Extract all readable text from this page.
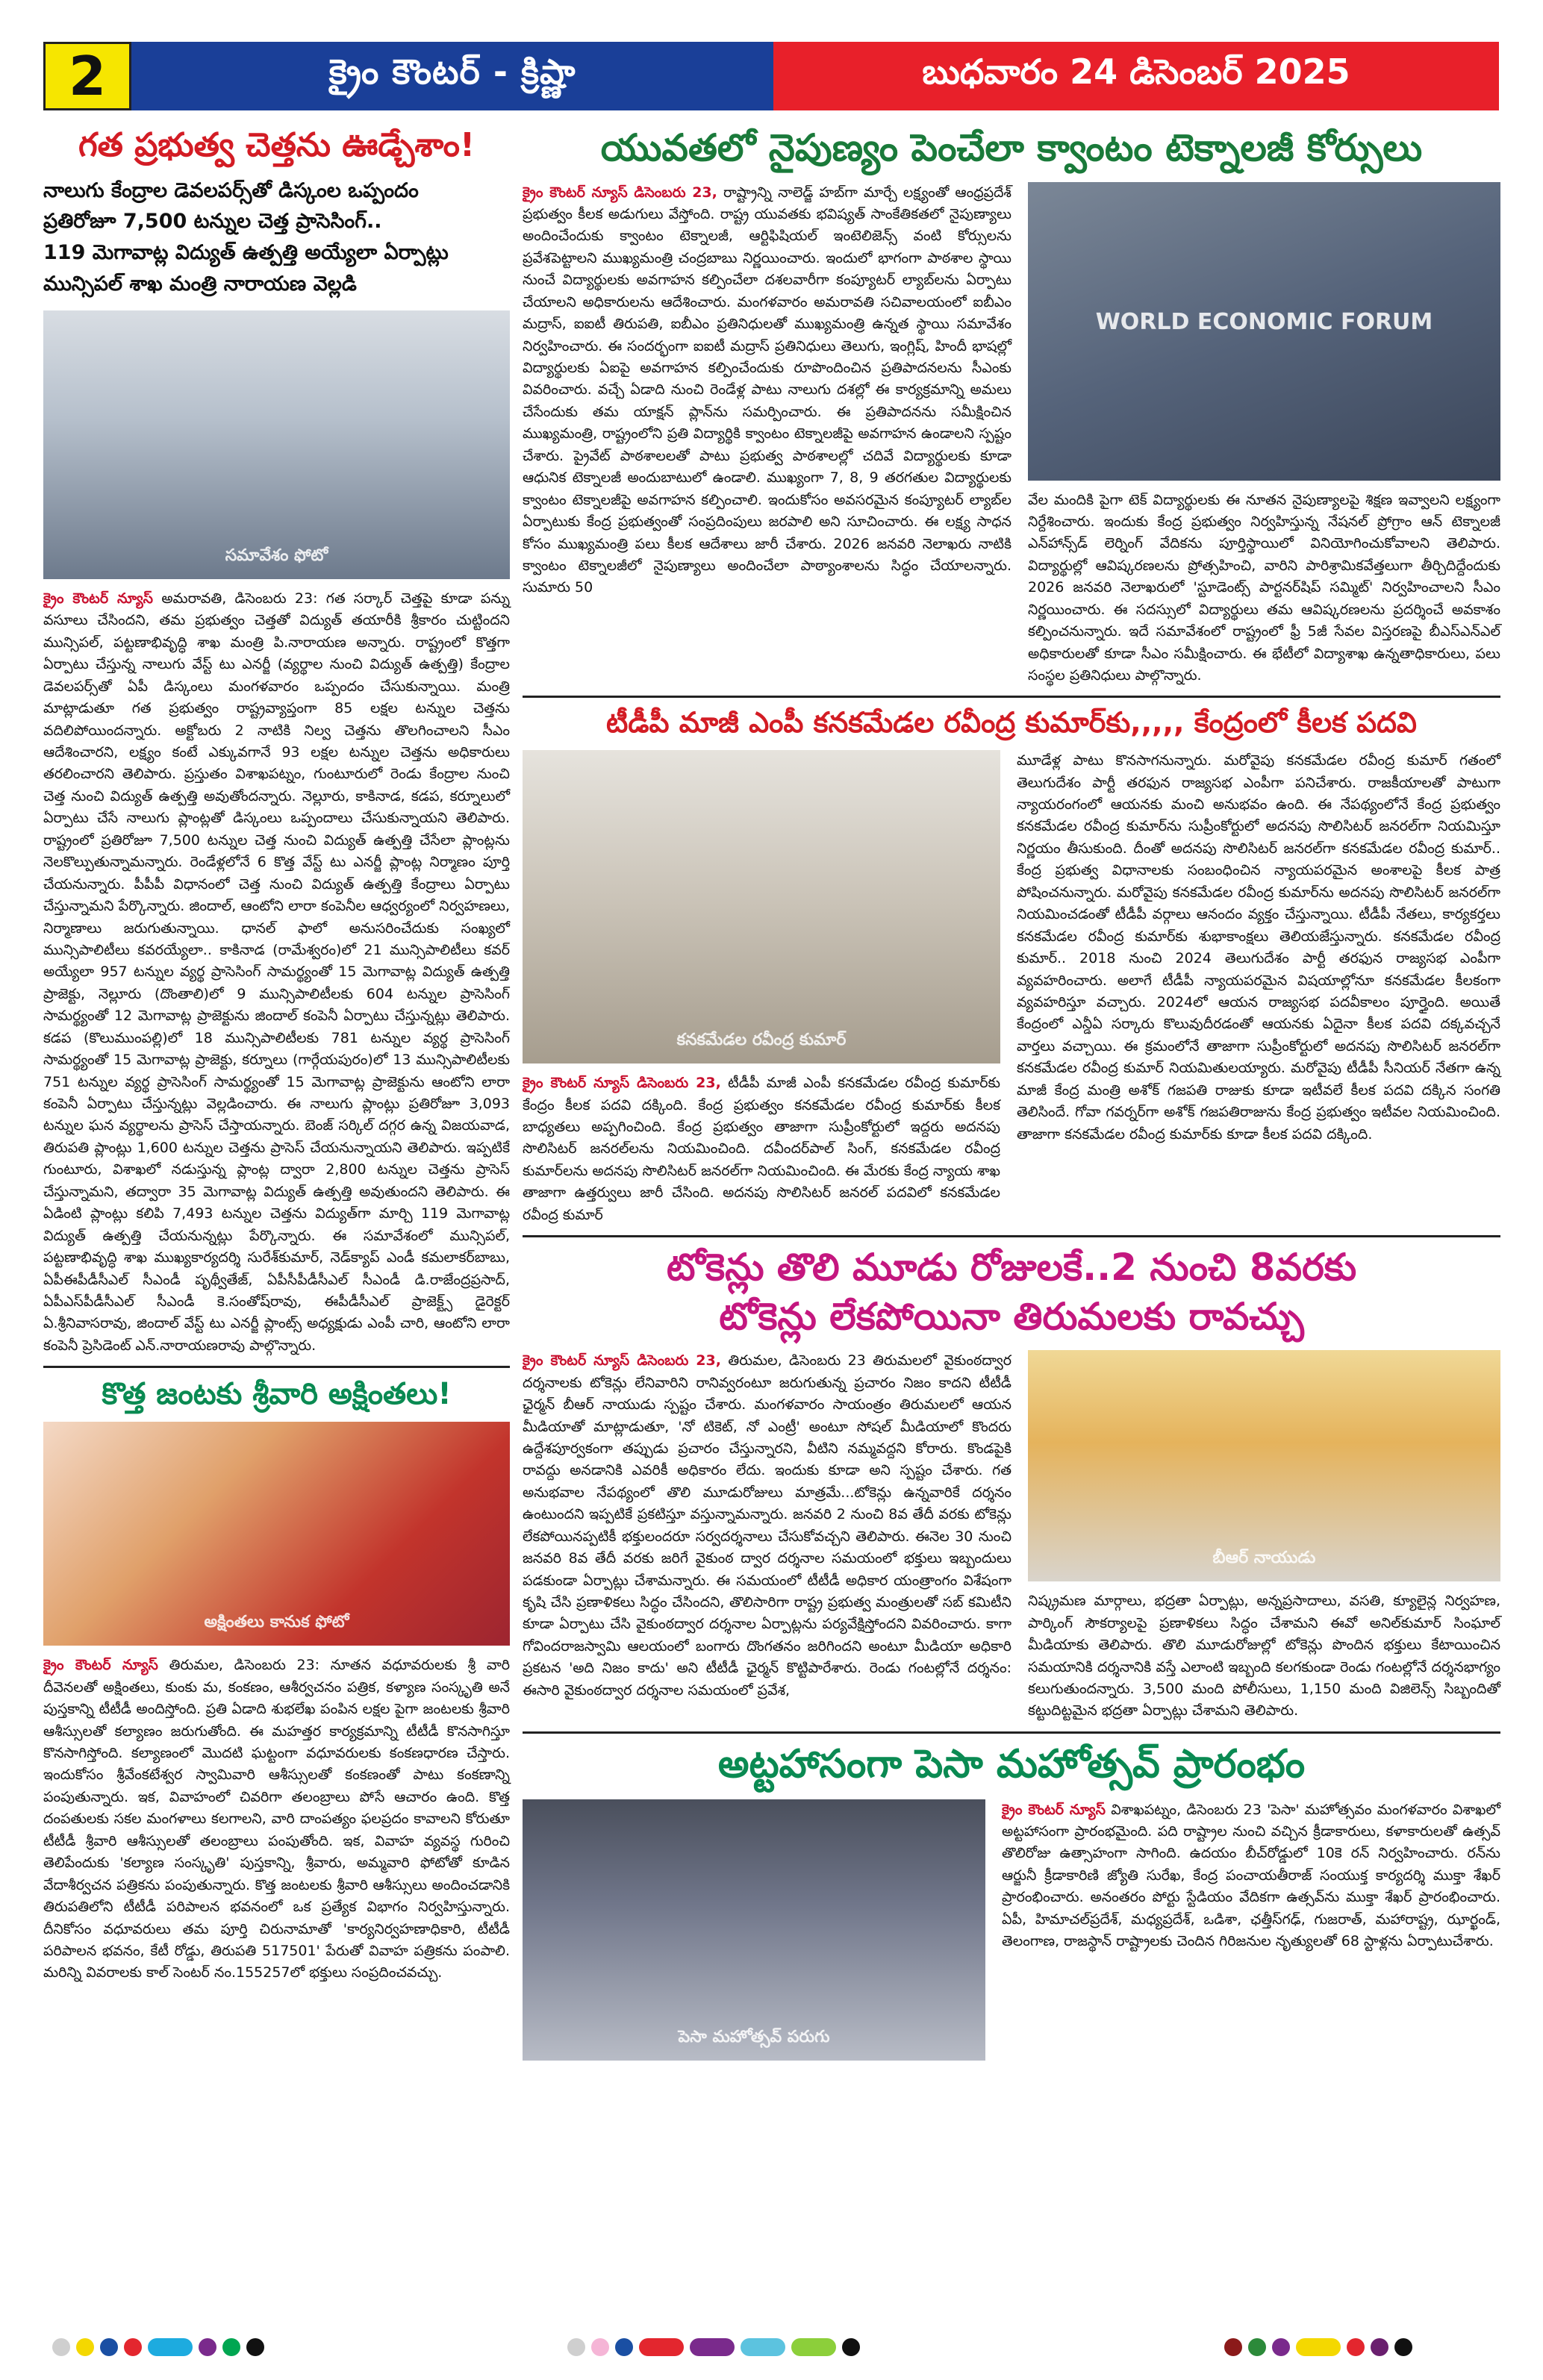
2	క్రైం కౌంటర్ - క్రిష్ణా	బుధవారం 24 డిసెంబర్ 2025
గత ప్రభుత్వ చెత్తను ఊడ్చేశాం!
నాలుగు కేంద్రాల డెవలపర్స్‌తో డిస్కంల ఒప్పందం
ప్రతిరోజూ 7,500 టన్నుల చెత్త ప్రాసెసింగ్..
119 మెగావాట్ల విద్యుత్ ఉత్పత్తి అయ్యేలా ఏర్పాట్లు
మున్సిపల్ శాఖ మంత్రి నారాయణ వెల్లడి
సమావేశం ఫోటో
క్రైం కౌంటర్ న్యూస్ అమరావతి, డిసెంబరు 23: గత సర్కార్ చెత్తపై కూడా పన్ను వసూలు చేసిందని, తమ ప్రభుత్వం చెత్తతో విద్యుత్ తయారీకి శ్రీకారం చుట్టిందని మున్సిపల్, పట్టణాభివృద్ధి శాఖ మంత్రి పి.నారాయణ అన్నారు. రాష్ట్రంలో కొత్తగా ఏర్పాటు చేస్తున్న నాలుగు వేస్ట్ టు ఎనర్జీ (వ్యర్థాల నుంచి విద్యుత్ ఉత్పత్తి) కేంద్రాల డెవలపర్స్‌తో ఏపీ డిస్కంలు మంగళవారం ఒప్పందం చేసుకున్నాయి. మంత్రి మాట్లాడుతూ గత ప్రభుత్వం రాష్ట్రవ్యాప్తంగా 85 లక్షల టన్నుల చెత్తను వదిలిపోయిందన్నారు. అక్టోబరు 2 నాటికి నిల్వ చెత్తను తొలగించాలని సీఎం ఆదేశించారని, లక్ష్యం కంటే ఎక్కువగానే 93 లక్షల టన్నుల చెత్తను అధికారులు తరలించారని తెలిపారు. ప్రస్తుతం విశాఖపట్నం, గుంటూరులో రెండు కేంద్రాల నుంచి చెత్త నుంచి విద్యుత్ ఉత్పత్తి అవుతోందన్నారు. నెల్లూరు, కాకినాడ, కడప, కర్నూలులో ఏర్పాటు చేసే నాలుగు ప్లాంట్లతో డిస్కంలు ఒప్పందాలు చేసుకున్నాయని తెలిపారు. రాష్ట్రంలో ప్రతిరోజూ 7,500 టన్నుల చెత్త నుంచి విద్యుత్ ఉత్పత్తి చేసేలా ప్లాంట్లను నెలకొల్పుతున్నామన్నారు. రెండేళ్లలోనే 6 కొత్త వేస్ట్ టు ఎనర్జీ ప్లాంట్ల నిర్మాణం పూర్తి చేయనున్నారు. పీపీపీ విధానంలో చెత్త నుంచి విద్యుత్ ఉత్పత్తి కేంద్రాలు ఏర్పాటు చేస్తున్నామని పేర్కొన్నారు. జిందాల్, ఆంటోని లారా కంపెనీల ఆధ్వర్యంలో నిర్వహణలు, నిర్మాణాలు జరుగుతున్నాయి. ధానల్ ఫాలో అనుసరించేదుకు సంఖ్యలో మున్సిపాలిటీలు కవరయ్యేలా.. కాకినాడ (రామేశ్వరం)లో 21 మున్సిపాలిటీలు కవర్ అయ్యేలా 957 టన్నుల వ్యర్థ ప్రాసెసింగ్ సామర్థ్యంతో 15 మెగావాట్ల విద్యుత్ ఉత్పత్తి ప్రాజెక్టు, నెల్లూరు (దొంతాలి)లో 9 మున్సిపాలిటీలకు 604 టన్నుల ప్రాసెసింగ్ సామర్థ్యంతో 12 మెగావాట్ల ప్రాజెక్టును జిందాల్ కంపెనీ ఏర్పాటు చేస్తున్నట్లు తెలిపారు. కడప (కొలుముంపల్లి)లో 18 మున్సిపాలిటీలకు 781 టన్నుల వ్యర్థ ప్రాసెసింగ్ సామర్థ్యంతో 15 మెగావాట్ల ప్రాజెక్టు, కర్నూలు (గార్గేయపురం)లో 13 మున్సిపాలిటీలకు 751 టన్నుల వ్యర్థ ప్రాసెసింగ్ సామర్థ్యంతో 15 మెగావాట్ల ప్రాజెక్టును ఆంటోని లారా కంపెనీ ఏర్పాటు చేస్తున్నట్లు వెల్లడించారు. ఈ నాలుగు ప్లాంట్లు ప్రతిరోజూ 3,093 టన్నుల ఘన వ్యర్థాలను ప్రాసెస్ చేస్తాయన్నారు. బెంజ్ సర్కిల్ దగ్గర ఉన్న విజయవాడ, తిరుపతి ప్లాంట్లు 1,600 టన్నుల చెత్తను ప్రాసెస్ చేయనున్నాయని తెలిపారు. ఇప్పటికే గుంటూరు, విశాఖలో నడుస్తున్న ప్లాంట్ల ద్వారా 2,800 టన్నుల చెత్తను ప్రాసెస్ చేస్తున్నామని, తద్వారా 35 మెగావాట్ల విద్యుత్ ఉత్పత్తి అవుతుందని తెలిపారు. ఈ ఏడింటి ప్లాంట్లు కలిపి 7,493 టన్నుల చెత్తను విద్యుత్‌గా మార్చి 119 మెగావాట్ల విద్యుత్ ఉత్పత్తి చేయనున్నట్లు పేర్కొన్నారు. ఈ సమావేశంలో మున్సిపల్, పట్టణాభివృద్ధి శాఖ ముఖ్యకార్యదర్శి సురేశ్‌కుమార్, నెడ్‌క్యాప్ ఎండీ కమలాకర్‌బాబు, ఏపీఈపీడీసీఎల్ సీఎండీ పృథ్వీతేజ్, ఏపీసీపీడీసీఎల్ సీఎండీ డి.రాజేంద్రప్రసాద్, ఏపీఎస్‌పీడీసీఎల్ సీఎండీ కె.సంతోష్‌రావు, ఈపీడీసీఎల్ ప్రాజెక్ట్స్ డైరెక్టర్ ఏ.శ్రీనివాసరావు, జిందాల్ వేస్ట్ టు ఎనర్జీ ప్లాంట్స్ అధ్యక్షుడు ఎంపీ చారి, ఆంటోని లారా కంపెనీ ప్రెసిడెంట్ ఎన్.నారాయణరావు పాల్గొన్నారు.
కొత్త జంటకు శ్రీవారి అక్షింతలు!
అక్షింతలు కానుక ఫోటో
క్రైం కౌంటర్ న్యూస్ తిరుమల, డిసెంబరు 23: నూతన వధూవరులకు శ్రీ వారి దీవెనలతో అక్షింతలు, కుంకు మ, కంకణం, ఆశీర్వచనం పత్రిక, కళ్యాణ సంస్కృతి అనే పుస్తకాన్ని టీటీడీ అందిస్తోంది. ప్రతి ఏడాది శుభలేఖ పంపిన లక్షల పైగా జంటలకు శ్రీవారి ఆశీస్సులతో కల్యాణం జరుగుతోంది. ఈ మహత్తర కార్యక్రమాన్ని టీటీడీ కొనసాగిస్తూ కొనసాగిస్తోంది. కల్యాణంలో మొదటి ఘట్టంగా వధూవరులకు కంకణధారణ చేస్తారు. ఇందుకోసం శ్రీవేంకటేశ్వర స్వామివారి ఆశీస్సులతో కంకణంతో పాటు కంకణాన్ని పంపుతున్నారు. ఇక, వివాహంలో చివరిగా తలంబ్రాలు పోసే ఆచారం ఉంది. కొత్త దంపతులకు సకల మంగళాలు కలగాలని, వారి దాంపత్యం ఫలప్రదం కావాలని కోరుతూ టీటీడీ శ్రీవారి ఆశీస్సులతో తలంబ్రాలు పంపుతోంది. ఇక, వివాహ వ్యవస్థ గురించి తెలిపేందుకు 'కల్యాణ సంస్కృతి' పుస్తకాన్ని, శ్రీవారు, అమ్మవారి ఫోటోతో కూడిన వేదాశీర్వచన పత్రికను పంపుతున్నారు. కొత్త జంటలకు శ్రీవారి ఆశీస్సులు అందించడానికి తిరుపతిలోని టీటీడీ పరిపాలన భవనంలో ఒక ప్రత్యేక విభాగం నిర్వహిస్తున్నారు. దీనికోసం వధూవరులు తమ పూర్తి చిరునామాతో 'కార్యనిర్వహణాధికారి, టీటీడీ పరిపాలన భవనం, కేటీ రోడ్డు, తిరుపతి 517501' పేరుతో వివాహ పత్రికను పంపాలి. మరిన్ని వివరాలకు కాల్ సెంటర్ నం.155257లో భక్తులు సంప్రదించవచ్చు.
యువతలో నైపుణ్యం పెంచేలా క్వాంటం టెక్నాలజీ కోర్సులు
క్రైం కౌంటర్ న్యూస్ డిసెంబరు 23, రాష్ట్రాన్ని నాలెడ్జ్ హబ్‌గా మార్చే లక్ష్యంతో ఆంధ్రప్రదేశ్ ప్రభుత్వం కీలక అడుగులు వేస్తోంది. రాష్ట్ర యువతకు భవిష్యత్ సాంకేతికతలో నైపుణ్యాలు అందించేందుకు క్వాంటం టెక్నాలజీ, ఆర్టిఫిషియల్ ఇంటెలిజెన్స్ వంటి కోర్సులను ప్రవేశపెట్టాలని ముఖ్యమంత్రి చంద్రబాబు నిర్ణయించారు. ఇందులో భాగంగా పాఠశాల స్థాయి నుంచే విద్యార్థులకు అవగాహన కల్పించేలా దశలవారీగా కంప్యూటర్ ల్యాబ్‌లను ఏర్పాటు చేయాలని అధికారులను ఆదేశించారు. మంగళవారం అమరావతి సచివాలయంలో ఐబీఎం మద్రాస్, ఐఐటీ తిరుపతి, ఐబీఎం ప్రతినిధులతో ముఖ్యమంత్రి ఉన్నత స్థాయి సమావేశం నిర్వహించారు. ఈ సందర్భంగా ఐఐటీ మద్రాస్ ప్రతినిధులు తెలుగు, ఇంగ్లిష్, హిందీ భాషల్లో విద్యార్థులకు ఏఐపై అవగాహన కల్పించేందుకు రూపొందించిన ప్రతిపాదనలను సీఎంకు వివరించారు. వచ్చే ఏడాది నుంచి రెండేళ్ల పాటు నాలుగు దశల్లో ఈ కార్యక్రమాన్ని అమలు చేసేందుకు తమ యాక్షన్ ప్లాన్‌ను సమర్పించారు. ఈ ప్రతిపాదనను సమీక్షించిన ముఖ్యమంత్రి, రాష్ట్రంలోని ప్రతి విద్యార్థికి క్వాంటం టెక్నాలజీపై అవగాహన ఉండాలని స్పష్టం చేశారు. ప్రైవేట్ పాఠశాలలతో పాటు ప్రభుత్వ పాఠశాలల్లో చదివే విద్యార్థులకు కూడా ఆధునిక టెక్నాలజీ అందుబాటులో ఉండాలి. ముఖ్యంగా 7, 8, 9 తరగతుల విద్యార్థులకు క్వాంటం టెక్నాలజీపై అవగాహన కల్పించాలి. ఇందుకోసం అవసరమైన కంప్యూటర్ ల్యాబ్‌ల ఏర్పాటుకు కేంద్ర ప్రభుత్వంతో సంప్రదింపులు జరపాలి అని సూచించారు. ఈ లక్ష్య సాధన కోసం ముఖ్యమంత్రి పలు కీలక ఆదేశాలు జారీ చేశారు. 2026 జనవరి నెలాఖరు నాటికి క్వాంటం టెక్నాలజీలో నైపుణ్యాలు అందించేలా పాఠ్యాంశాలను సిద్ధం చేయాలన్నారు. సుమారు 50
WORLD ECONOMIC FORUM
వేల మందికి పైగా టెక్ విద్యార్థులకు ఈ నూతన నైపుణ్యాలపై శిక్షణ ఇవ్వాలని లక్ష్యంగా నిర్దేశించారు. ఇందుకు కేంద్ర ప్రభుత్వం నిర్వహిస్తున్న నేషనల్ ప్రోగ్రాం ఆన్ టెక్నాలజీ ఎన్‌హాన్స్‌డ్ లెర్నింగ్ వేదికను పూర్తిస్థాయిలో వినియోగించుకోవాలని తెలిపారు. విద్యార్థుల్లో ఆవిష్కరణలను ప్రోత్సహించి, వారిని పారిశ్రామికవేత్తలుగా తీర్చిదిద్దేందుకు 2026 జనవరి నెలాఖరులో 'స్టూడెంట్స్ పార్టనర్‌షిప్ సమ్మిట్' నిర్వహించాలని సీఎం నిర్ణయించారు. ఈ సదస్సులో విద్యార్థులు తమ ఆవిష్కరణలను ప్రదర్శించే అవకాశం కల్పించనున్నారు. ఇదే సమావేశంలో రాష్ట్రంలో ఫ్రీ 5జీ సేవల విస్తరణపై బీఎస్‌ఎన్‌ఎల్ అధికారులతో కూడా సీఎం సమీక్షించారు. ఈ భేటీలో విద్యాశాఖ ఉన్నతాధికారులు, పలు సంస్థల ప్రతినిధులు పాల్గొన్నారు.
టీడీపీ మాజీ ఎంపీ కనకమేడల రవీంద్ర కుమార్‌కు,,,,, కేంద్రంలో కీలక పదవి
కనకమేడల రవీంద్ర కుమార్
క్రైం కౌంటర్ న్యూస్ డిసెంబరు 23, టీడీపీ మాజీ ఎంపీ కనకమేడల రవీంద్ర కుమార్‌కు కేంద్రం కీలక పదవి దక్కింది. కేంద్ర ప్రభుత్వం కనకమేడల రవీంద్ర కుమార్‌కు కీలక బాధ్యతలు అప్పగించింది. కేంద్ర ప్రభుత్వం తాజాగా సుప్రీంకోర్టులో ఇద్దరు అదనపు సొలిసిటర్ జనరల్‌లను నియమించింది. దవీందర్‌పాల్ సింగ్, కనకమేడల రవీంద్ర కుమార్‌లను అదనపు సొలిసిటర్ జనరల్‌గా నియమించింది. ఈ మేరకు కేంద్ర న్యాయ శాఖ తాజాగా ఉత్తర్వులు జారీ చేసింది. అదనపు సొలిసిటర్ జనరల్ పదవిలో కనకమేడల రవీంద్ర కుమార్
మూడేళ్ల పాటు కొనసాగనున్నారు. మరోవైపు కనకమేడల రవీంద్ర కుమార్ గతంలో తెలుగుదేశం పార్టీ తరఫున రాజ్యసభ ఎంపీగా పనిచేశారు. రాజకీయాలతో పాటుగా న్యాయరంగంలో ఆయనకు మంచి అనుభవం ఉంది. ఈ నేపథ్యంలోనే కేంద్ర ప్రభుత్వం కనకమేడల రవీంద్ర కుమార్‌ను సుప్రీంకోర్టులో అదనపు సొలిసిటర్ జనరల్‌గా నియమిస్తూ నిర్ణయం తీసుకుంది. దీంతో అదనపు సొలిసిటర్ జనరల్‌గా కనకమేడల రవీంద్ర కుమార్.. కేంద్ర ప్రభుత్వ విధానాలకు సంబంధించిన న్యాయపరమైన అంశాలపై కీలక పాత్ర పోషించనున్నారు. మరోవైపు కనకమేడల రవీంద్ర కుమార్‌ను అదనపు సొలిసిటర్ జనరల్‌గా నియమించడంతో టీడీపీ వర్గాలు ఆనందం వ్యక్తం చేస్తున్నాయి. టీడీపీ నేతలు, కార్యకర్తలు కనకమేడల రవీంద్ర కుమార్‌కు శుభాకాంక్షలు తెలియజేస్తున్నారు. కనకమేడల రవీంద్ర కుమార్.. 2018 నుంచి 2024 తెలుగుదేశం పార్టీ తరఫున రాజ్యసభ ఎంపీగా వ్యవహరించారు. అలాగే టీడీపీ న్యాయపరమైన విషయాల్లోనూ కనకమేడల కీలకంగా వ్యవహరిస్తూ వచ్చారు. 2024లో ఆయన రాజ్యసభ పదవీకాలం పూర్తైంది. అయితే కేంద్రంలో ఎన్డీఏ సర్కారు కొలువుదీరడంతో ఆయనకు ఏదైనా కీలక పదవి దక్కవచ్చనే వార్తలు వచ్చాయి. ఈ క్రమంలోనే తాజాగా సుప్రీంకోర్టులో అదనపు సొలిసిటర్ జనరల్‌గా కనకమేడల రవీంద్ర కుమార్ నియమితులయ్యారు. మరోవైపు టీడీపీ సీనియర్ నేతగా ఉన్న మాజీ కేంద్ర మంత్రి అశోక్ గజపతి రాజుకు కూడా ఇటీవలే కీలక పదవి దక్కిన సంగతి తెలిసిందే. గోవా గవర్నర్‌గా అశోక్ గజపతిరాజును కేంద్ర ప్రభుత్వం ఇటీవల నియమించింది. తాజాగా కనకమేడల రవీంద్ర కుమార్‌కు కూడా కీలక పదవి దక్కింది.
టోకెన్లు తొలి మూడు రోజులకే..2 నుంచి 8వరకు
టోకెన్లు లేకపోయినా తిరుమలకు రావచ్చు
క్రైం కౌంటర్ న్యూస్ డిసెంబరు 23, తిరుమల, డిసెంబరు 23 తిరుమలలో వైకుంఠద్వార దర్శనాలకు టోకెన్లు లేనివారిని రానివ్వరంటూ జరుగుతున్న ప్రచారం నిజం కాదని టీటీడీ ఛైర్మన్ బీఆర్ నాయుడు స్పష్టం చేశారు. మంగళవారం సాయంత్రం తిరుమలలో ఆయన మీడియాతో మాట్లాడుతూ, 'నో టికెట్, నో ఎంట్రీ' అంటూ సోషల్ మీడియాలో కొందరు ఉద్దేశపూర్వకంగా తప్పుడు ప్రచారం చేస్తున్నారని, వీటిని నమ్మవద్దని కోరారు. కొండపైకి రావద్దు అనడానికి ఎవరికీ అధికారం లేదు. ఇందుకు కూడా అని స్పష్టం చేశారు. గత అనుభవాల నేపథ్యంలో తొలి మూడురోజులు మాత్రమే...టోకెన్లు ఉన్నవారికే దర్శనం ఉంటుందని ఇప్పటికే ప్రకటిస్తూ వస్తున్నామన్నారు. జనవరి 2 నుంచి 8వ తేదీ వరకు టోకెన్లు లేకపోయినప్పటికీ భక్తులందరూ సర్వదర్శనాలు చేసుకోవచ్చని తెలిపారు. ఈనెల 30 నుంచి జనవరి 8వ తేదీ వరకు జరిగే వైకుంఠ ద్వార దర్శనాల సమయంలో భక్తులు ఇబ్బందులు పడకుండా ఏర్పాట్లు చేశామన్నారు. ఈ సమయంలో టీటీడీ అధికార యంత్రాంగం విశేషంగా కృషి చేసి ప్రణాళికలు సిద్ధం చేసిందని, తొలిసారిగా రాష్ట్ర ప్రభుత్వ మంత్రులతో సబ్ కమిటీని కూడా ఏర్పాటు చేసి వైకుంఠద్వార దర్శనాల ఏర్పాట్లను పర్యవేక్షిస్తోందని వివరించారు. కాగా గోవిందరాజస్వామి ఆలయంలో బంగారు దొంగతనం జరిగిందని అంటూ మీడియా అధికారి ప్రకటన 'అది నిజం కాదు' అని టీటీడీ ఛైర్మన్ కొట్టిపారేశారు. రెండు గంటల్లోనే దర్శనం: ఈసారి వైకుంఠద్వార దర్శనాల సమయంలో ప్రవేశ,
బీఆర్ నాయుడు
నిష్క్రమణ మార్గాలు, భద్రతా ఏర్పాట్లు, అన్నప్రసాదాలు, వసతి, క్యూలైన్ల నిర్వహణ, పార్కింగ్ సౌకర్యాలపై ప్రణాళికలు సిద్ధం చేశామని ఈవో అనిల్‌కుమార్ సింఘాల్ మీడియాకు తెలిపారు. తొలి మూడురోజుల్లో టోకెన్లు పొందిన భక్తులు కేటాయించిన సమయానికి దర్శనానికి వస్తే ఎలాంటి ఇబ్బంది కలగకుండా రెండు గంటల్లోనే దర్శనభాగ్యం కలుగుతుందన్నారు. 3,500 మంది పోలీసులు, 1,150 మంది విజిలెన్స్ సిబ్బందితో కట్టుదిట్టమైన భద్రతా ఏర్పాట్లు చేశామని తెలిపారు.
అట్టహాసంగా పెసా మహోత్సవ్ ప్రారంభం
పెసా మహోత్సవ్ పరుగు
క్రైం కౌంటర్ న్యూస్ విశాఖపట్నం, డిసెంబరు 23 'పెసా' మహోత్సవం మంగళవారం విశాఖలో అట్టహాసంగా ప్రారంభమైంది. పది రాష్ట్రాల నుంచి వచ్చిన క్రీడాకారులు, కళాకారులతో ఉత్సవ్ తొలిరోజు ఉత్సాహంగా సాగింది. ఉదయం బీచ్‌రోడ్డులో 10కె రన్ నిర్వహించారు. రన్‌ను ఆర్జునీ క్రీడాకారిణి జ్యోతి సురేఖ, కేంద్ర పంచాయతీరాజ్ సంయుక్త కార్యదర్శి ముక్తా శేఖర్ ప్రారంభించారు. అనంతరం పోర్టు స్టేడియం వేదికగా ఉత్సవ్‌ను ముక్తా శేఖర్ ప్రారంభించారు. ఏపీ, హిమాచల్‌ప్రదేశ్, మధ్యప్రదేశ్, ఒడిశా, ఛత్తీస్‌గఢ్, గుజరాత్, మహారాష్ట్ర, ఝార్ఖండ్, తెలంగాణ, రాజస్థాన్ రాష్ట్రాలకు చెందిన గిరిజనుల నృత్యులతో 68 స్టాళ్లను ఏర్పాటుచేశారు.
